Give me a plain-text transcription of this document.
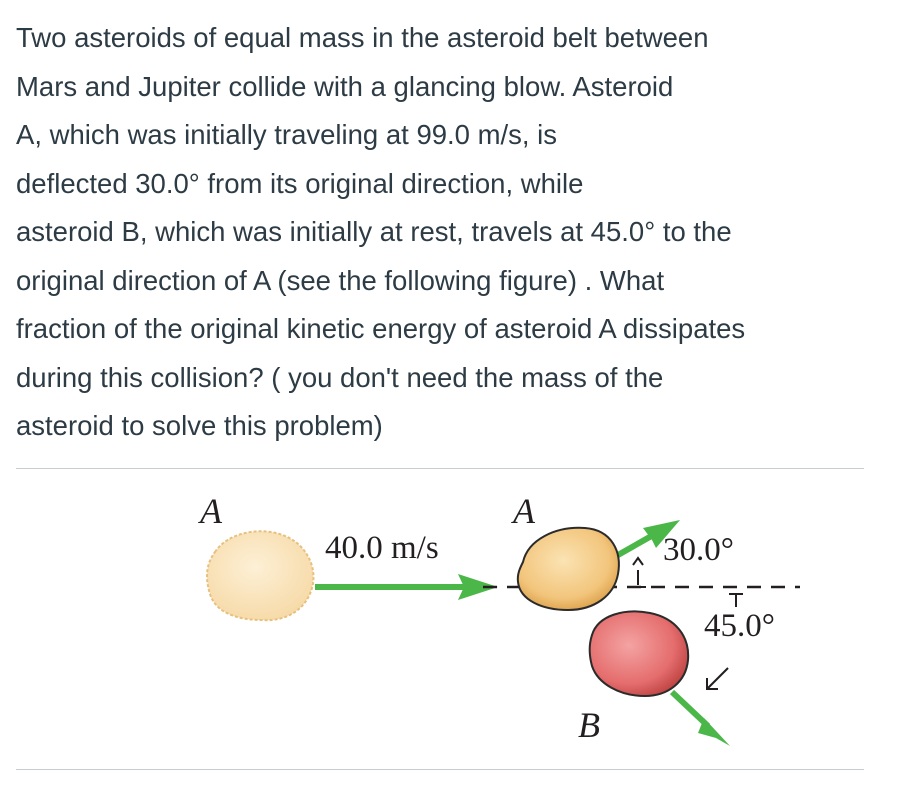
Two asteroids of equal mass in the asteroid belt between
Mars and Jupiter collide with a glancing blow. Asteroid
A, which was initially traveling at 99.0 m/s, is
deflected 30.0° from its original direction, while
asteroid B, which was initially at rest, travels at 45.0° to the
original direction of A (see the following figure) . What
fraction of the original kinetic energy of asteroid A dissipates
during this collision? ( you don't need the mass of the
asteroid to solve this problem)
A	A
B
40.0 m/s	30.0°
45.0°
